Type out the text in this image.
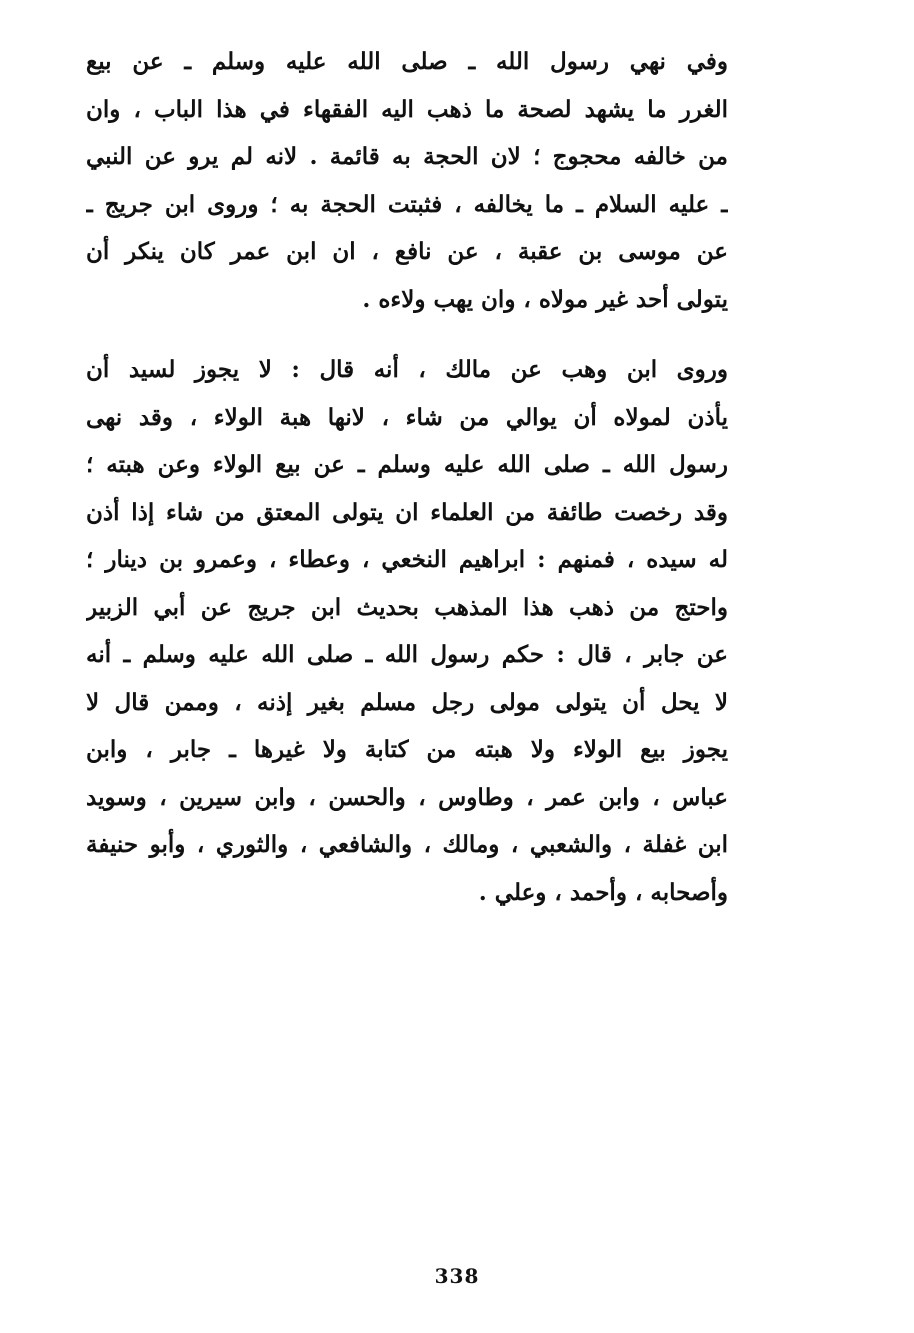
وفي نهي رسول الله ـ صلى الله عليه وسلم ـ عن بيع
الغرر ما يشهد لصحة ما ذهب اليه الفقهاء في هذا الباب ، وان
من خالفه محجوج ؛ لان الحجة به قائمة . لانه لم يرو عن النبي
ـ عليه السلام ـ ما يخالفه ، فثبتت الحجة به ؛ وروى ابن جريج ـ
عن موسى بن عقبة ، عن نافع ، ان ابن عمر كان ينكر أن
يتولى أحد غير مولاه ، وان يهب ولاءه .
وروى ابن وهب عن مالك ، أنه قال : لا يجوز لسيد أن
يأذن لمولاه أن يوالي من شاء ، لانها هبة الولاء ، وقد نهى
رسول الله ـ صلى الله عليه وسلم ـ عن بيع الولاء وعن هبته ؛
وقد رخصت طائفة من العلماء ان يتولى المعتق من شاء إذا أذن
له سيده ، فمنهم : ابراهيم النخعي ، وعطاء ، وعمرو بن دينار ؛
واحتج من ذهب هذا المذهب بحديث ابن جريج عن أبي الزبير
عن جابر ، قال : حكم رسول الله ـ صلى الله عليه وسلم ـ أنه
لا يحل أن يتولى مولى رجل مسلم بغير إذنه ، وممن قال لا
يجوز بيع الولاء ولا هبته من كتابة ولا غيرها ـ جابر ، وابن
عباس ، وابن عمر ، وطاوس ، والحسن ، وابن سيرين ، وسويد
ابن غفلة ، والشعبي ، ومالك ، والشافعي ، والثوري ، وأبو حنيفة
وأصحابه ، وأحمد ، وعلي .
338
